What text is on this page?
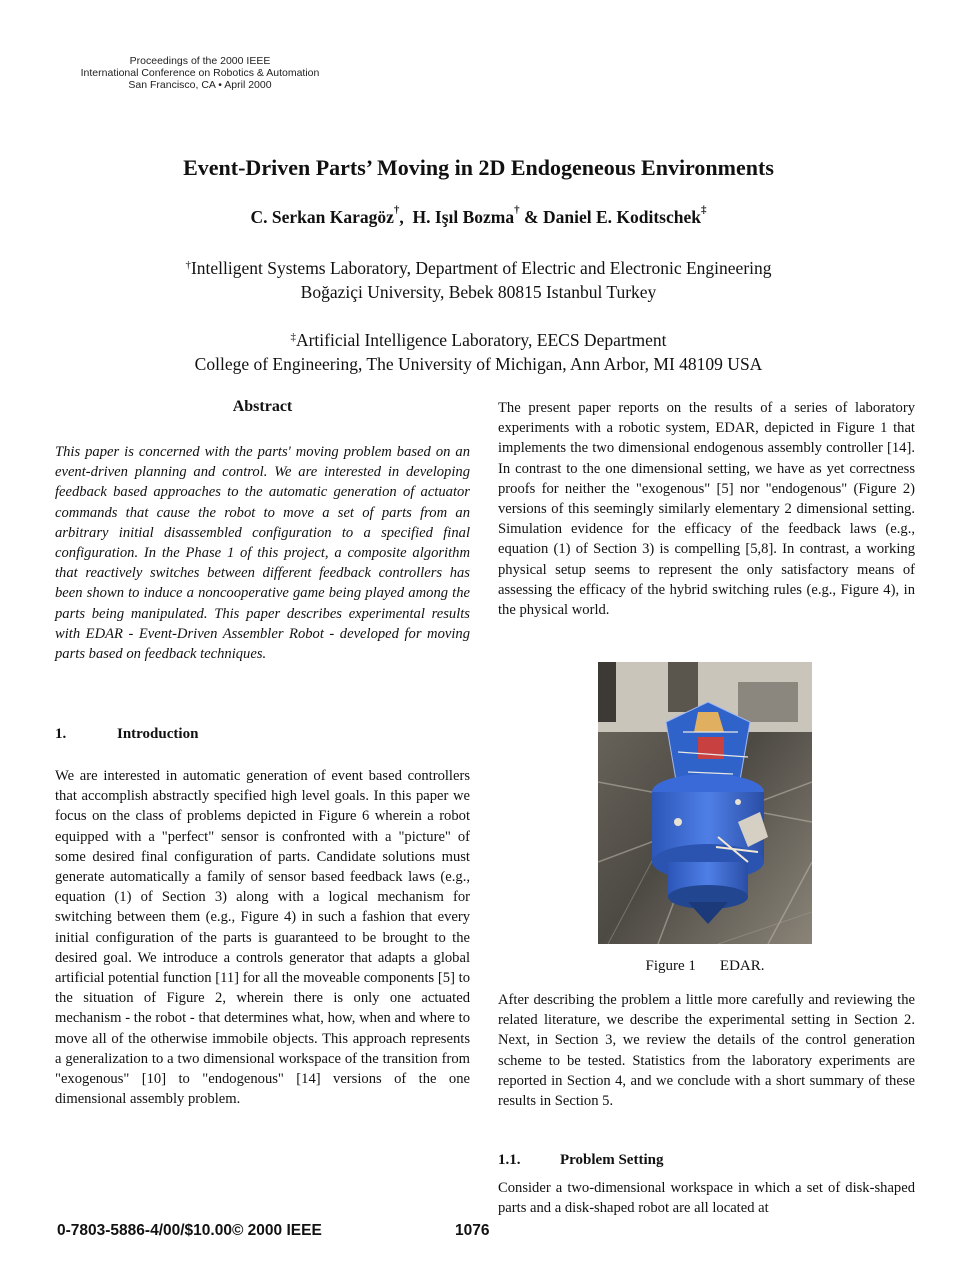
Proceedings of the 2000 IEEE
International Conference on Robotics & Automation
San Francisco, CA • April 2000
Event-Driven Parts’ Moving in 2D Endogeneous Environments
C. Serkan Karagöz†,  H. Işıl Bozma† & Daniel E. Koditschek‡
†Intelligent Systems Laboratory, Department of Electric and Electronic Engineering
Boğaziçi University, Bebek 80815 Istanbul Turkey
‡Artificial Intelligence Laboratory, EECS Department
College of Engineering, The University of Michigan, Ann Arbor, MI 48109 USA
Abstract

This paper is concerned with the parts' moving problem based on an event-driven planning and control. We are interested in developing feedback based approaches to the automatic generation of actuator commands that cause the robot to move a set of parts from an arbitrary initial disassembled configuration to a specified final configuration. In the Phase 1 of this project, a composite algorithm that reactively switches between different feedback controllers has been shown to induce a noncooperative game being played among the parts being manipulated. This paper describes experimental results with EDAR - Event-Driven Assembler Robot - developed for moving parts based on feedback techniques.

1.	Introduction

We are interested in automatic generation of event based controllers that accomplish abstractly specified high level goals. In this paper we focus on the class of problems depicted in Figure 6 wherein a robot equipped with a "perfect" sensor is confronted with a "picture" of some desired final configuration of parts. Candidate solutions must generate automatically a family of sensor based feedback laws (e.g., equation (1) of Section 3) along with a logical mechanism for switching between them (e.g., Figure 4) in such a fashion that every initial configuration of the parts is guaranteed to be brought to the desired goal. We introduce a controls generator that adapts a global artificial potential function [11] for all the moveable components [5] to the situation of Figure 2, wherein there is only one actuated mechanism - the robot - that determines what, how, when and where to move all of the otherwise immobile objects. This approach represents a generalization to a two dimensional workspace of the transition from "exogenous" [10] to "endogenous" [14] versions of the one dimensional assembly problem.

The present paper reports on the results of a series of laboratory experiments with a robotic system, EDAR, depicted in Figure 1 that implements the two dimensional endogenous assembly controller [14]. In contrast to the one dimensional setting, we have as yet correctness proofs for neither the "exogenous" [5] nor "endogenous" (Figure 2) versions of this seemingly similarly elementary 2 dimensional setting. Simulation evidence for the efficacy of the feedback laws (e.g., equation (1) of Section 3) is compelling [5,8]. In contrast, a working physical setup seems to represent the only satisfactory means of assessing the efficacy of the hybrid switching rules (e.g., Figure 4), in the physical world.

Figure 1 EDAR.

After describing the problem a little more carefully and reviewing the related literature, we describe the experimental setting in Section 2. Next, in Section 3, we review the details of the control generation scheme to be tested. Statistics from the laboratory experiments are reported in Section 4, and we conclude with a short summary of these results in Section 5.

1.1.	Problem Setting

Consider a two-dimensional workspace in which a set of disk-shaped parts and a disk-shaped robot are all located at

0-7803-5886-4/00/$10.00© 2000 IEEE	1076
